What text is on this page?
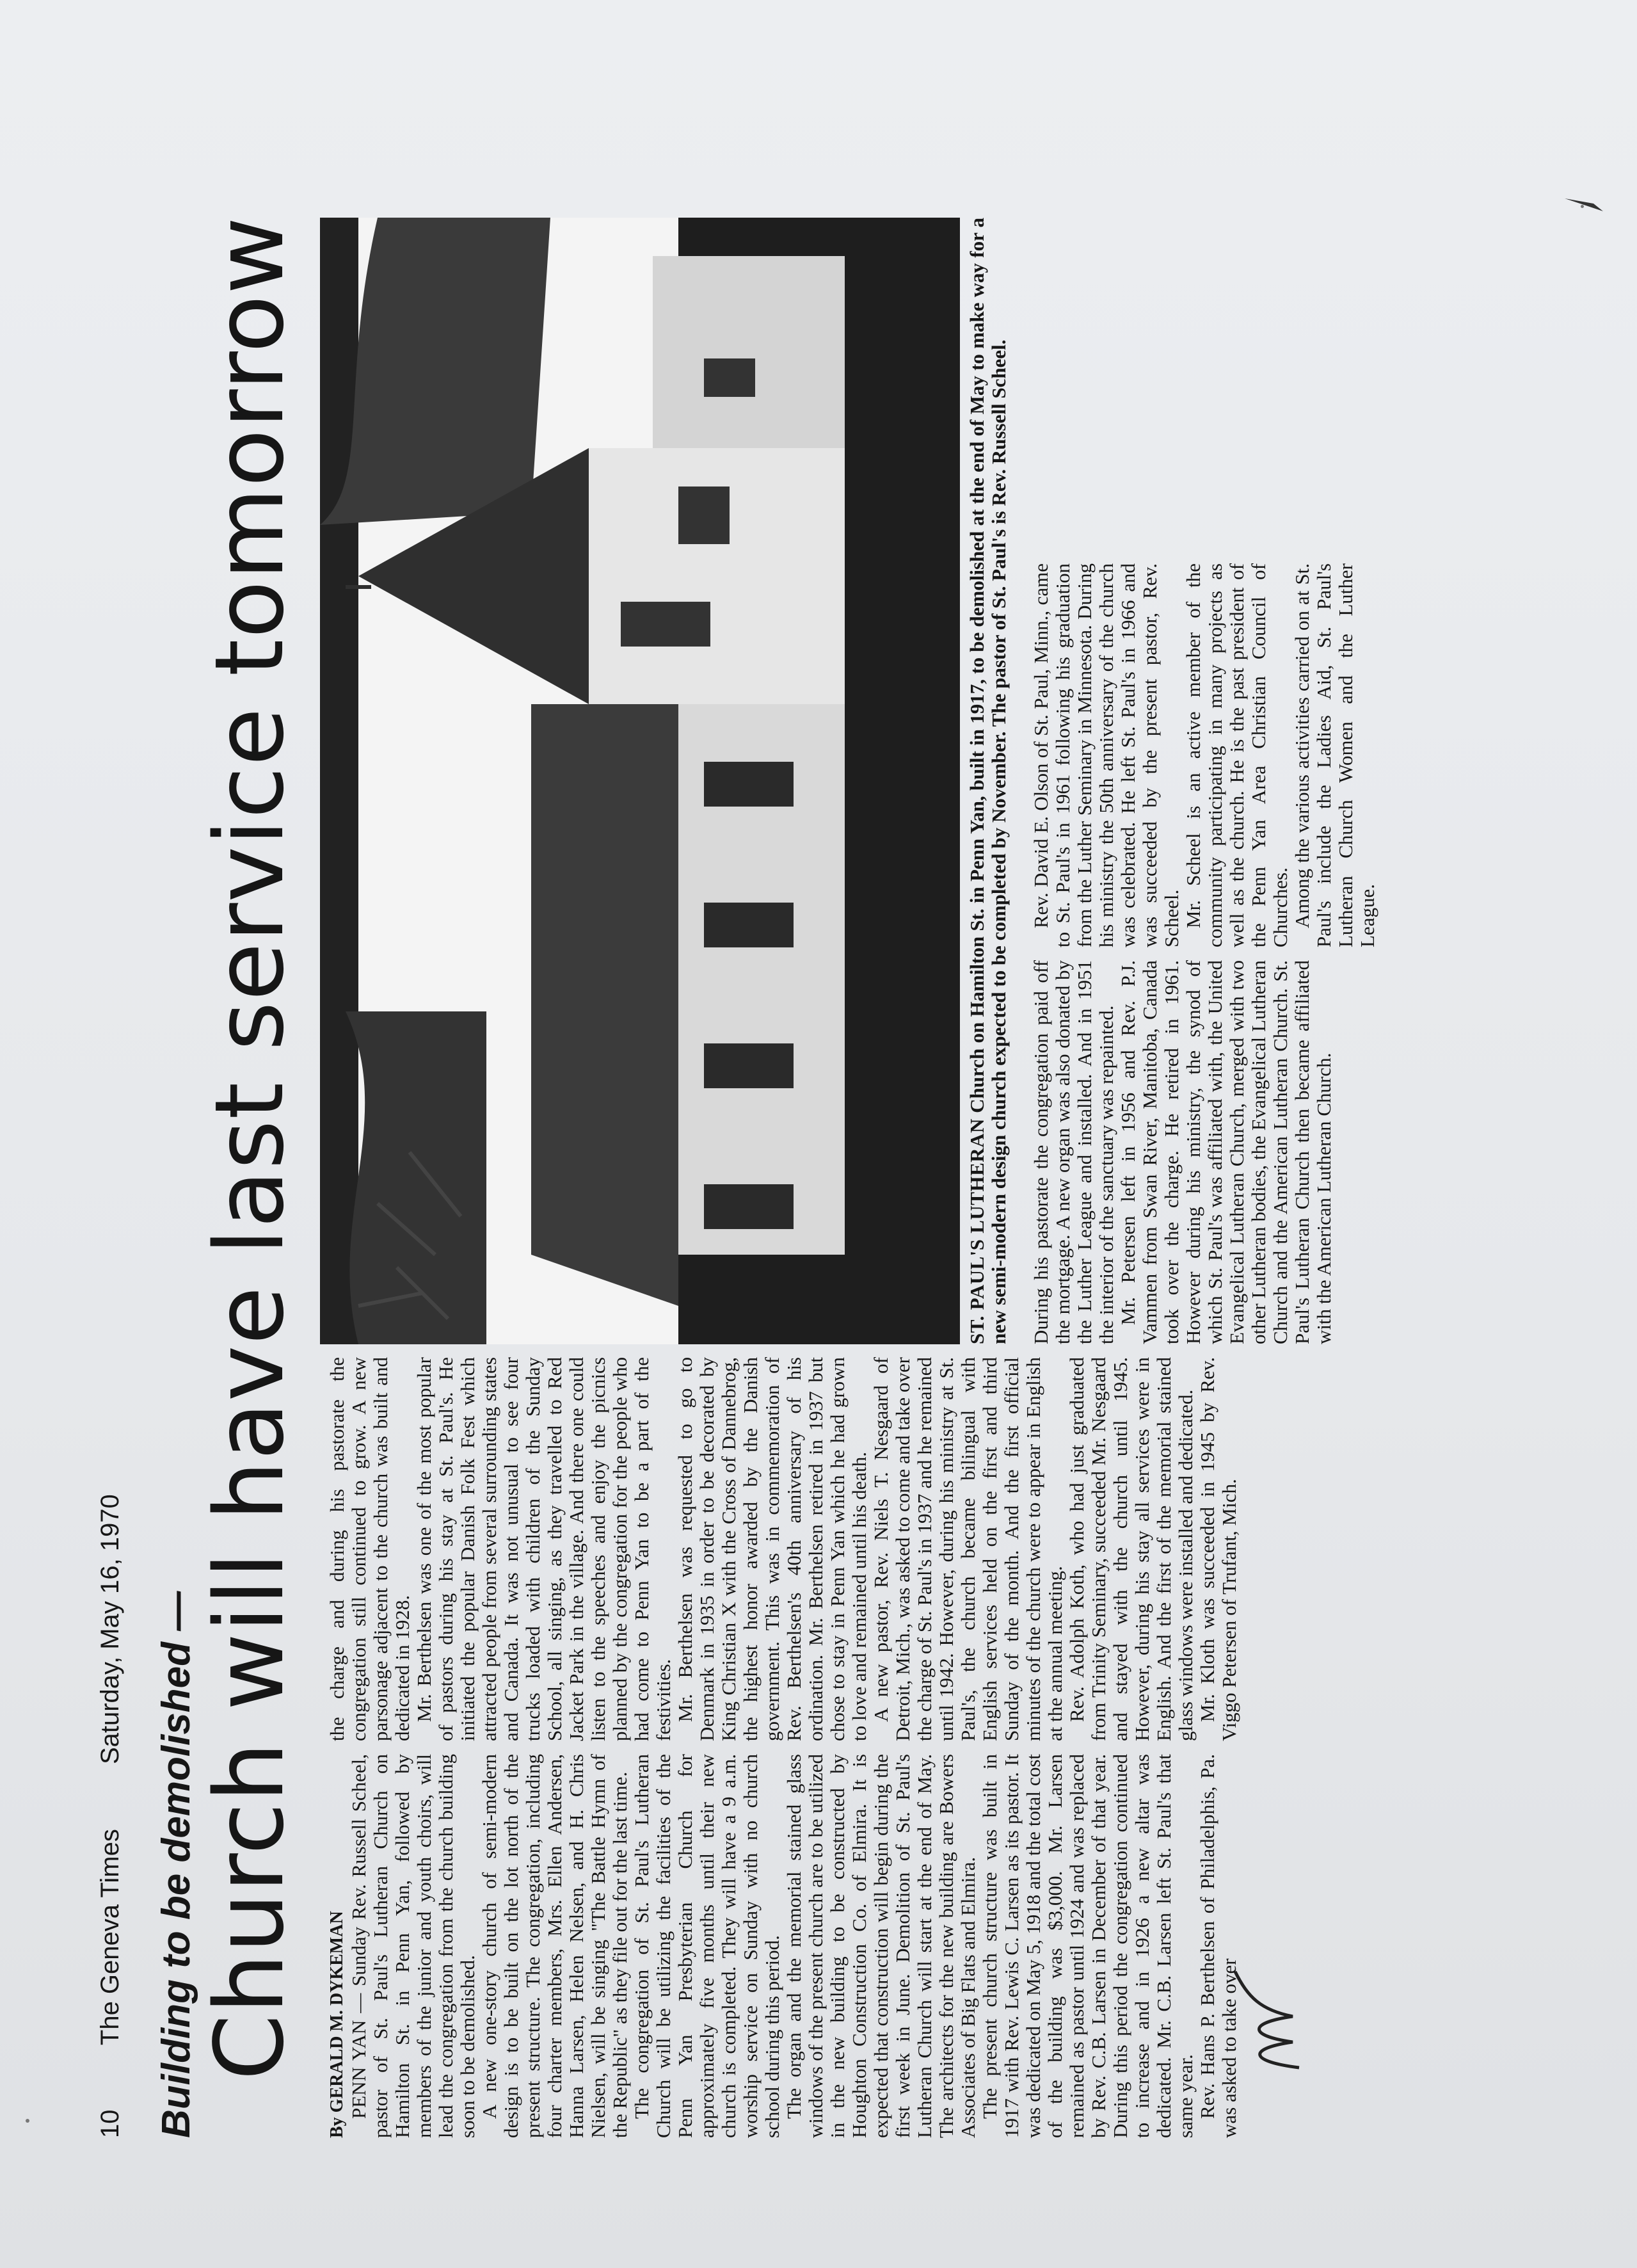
10 The Geneva Times Saturday, May 16, 1970 Building to be demolished —
Church will have last service tomorrow By GERALD M. DYKEMAN PENN YAN — Sunday Rev. Russell Scheel, pastor of St. Paul's Lutheran Church on Hamilton St. in Penn Yan, followed by members of the junior and youth choirs, will lead the congregation from the church building soon to be demolished. A new one-story church of semi-modern design is to be built on the lot north of the present structure. The congregation, including four charter members, Mrs. Ellen Andersen, Hanna Larsen, Helen Nelsen, and H. Chris Nielsen, will be singing "The Battle Hymn of the Republic" as they file out for the last time. The congregation of St. Paul's Lutheran Church will be utilizing the facilities of the Penn Yan Presbyterian Church for approximately five months until their new church is completed. They will have a 9 a.m. worship service on Sunday with no church school during this period. The organ and the memorial stained glass windows of the present church are to be utilized in the new building to be constructed by Houghton Construction Co. of Elmira. It is expected that construction will begin during the first week in June. Demolition of St. Paul's Lutheran Church will start at the end of May. The architects for the new building are Bowers Associates of Big Flats and Elmira. The present church structure was built in 1917 with Rev. Lewis C. Larsen as its pastor. It was dedicated on May 5, 1918 and the total cost of the building was $3,000. Mr. Larsen remained as pastor until 1924 and was replaced by Rev. C.B. Larsen in December of that year. During this period the congregation continued to increase and in 1926 a new altar was dedicated. Mr. C.B. Larsen left St. Paul's that same year. Rev. Hans P. Berthelsen of Philadelphis, Pa. was asked to take over

the charge and during his pastorate the congregation still continued to grow. A new parsonage adjacent to the church was built and dedicated in 1928. Mr. Berthelsen was one of the most popular of pastors during his stay at St. Paul's. He initiated the popular Danish Folk Fest which attracted people from several surrounding states and Canada. It was not unusual to see four trucks loaded with children of the Sunday School, all singing, as they travelled to Red Jacket Park in the village. And there one could listen to the speeches and enjoy the picnics planned by the congregation for the people who had come to Penn Yan to be a part of the festivities. Mr. Berthelsen was requested to go to Denmark in 1935 in order to be decorated by King Christian X with the Cross of Dannebrog, the highest honor awarded by the Danish government. This was in commemoration of Rev. Berthelsen's 40th anniversary of his ordination. Mr. Berthelsen retired in 1937 but chose to stay in Penn Yan which he had grown to love and remained until his death. A new pastor, Rev. Niels T. Nesgaard of Detroit, Mich., was asked to come and take over the charge of St. Paul's in 1937 and he remained until 1942. However, during his ministry at St. Paul's, the church became bilingual with English services held on the first and third Sunday of the month. And the first official minutes of the church were to appear in English at the annual meeting. Rev. Adolph Koth, who had just graduated from Trinity Seminary, succeeded Mr. Nesgaard and stayed with the church until 1945. However, during his stay all services were in English. And the first of the memorial stained glass windows were installed and dedicated. Mr. Kloth was succeeded in 1945 by Rev. Viggo Petersen of Trufant, Mich.

ST. PAUL'S LUTHERAN Church on Hamilton St. in Penn Yan, built in 1917, to be demolished at the end of May to make way for a new semi-modern design church expected to be completed by November. The pastor of St. Paul's is Rev. Russell Scheel. During his pastorate the congregation paid off the mortgage. A new organ was also donated by the Luther League and installed. And in 1951 the interior of the sanctuary was repainted. Mr. Petersen left in 1956 and Rev. P.J. Vammen from Swan River, Manitoba, Canada took over the charge. He retired in 1961. However during his ministry, the synod of which St. Paul's was affiliated with, the United Evangelical Lutheran Church, merged with two other Lutheran bodies, the Evangelical Lutheran Church and the American Lutheran Church. St. Paul's Lutheran Church then became affiliated with the American Lutheran Church.

Rev. David E. Olson of St. Paul, Minn., came to St. Paul's in 1961 following his graduation from the Luther Seminary in Minnesota. During his ministry the 50th anniversary of the church was celebrated. He left St. Paul's in 1966 and was succeeded by the present pastor, Rev. Scheel. Mr. Scheel is an active member of the community participating in many projects as well as the church. He is the past president of the Penn Yan Area Christian Council of Churches. Among the various activities carried on at St. Paul's include the Ladies Aid, St. Paul's Lutheran Church Women and the Luther League.
